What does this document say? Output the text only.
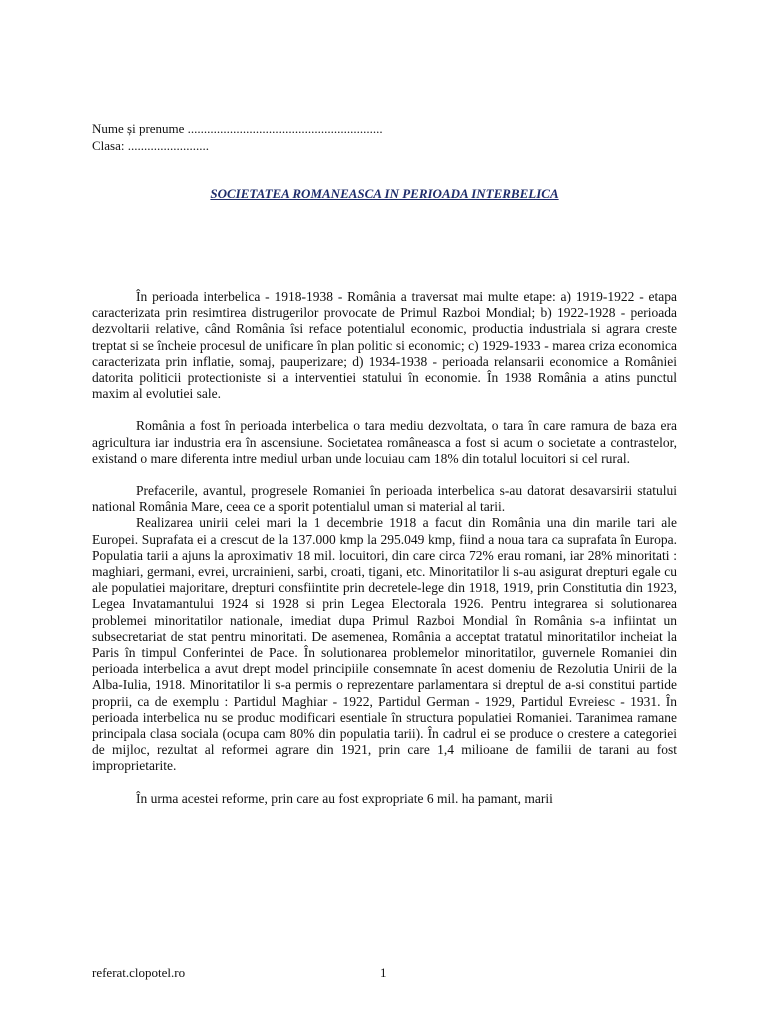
Nume și prenume ............................................................
Clasa: .........................
SOCIETATEA ROMANEASCA IN PERIOADA INTERBELICA

În perioada interbelica - 1918-1938 - România a traversat mai multe etape: a) 1919-1922 - etapa caracterizata prin resimtirea distrugerilor provocate de Primul Razboi Mondial; b) 1922-1928 - perioada dezvoltarii relative, când România îsi reface potentialul economic, productia industriala si agrara creste treptat si se încheie procesul de unificare în plan politic si economic; c) 1929-1933 - marea criza economica caracterizata prin inflatie, somaj, pauperizare; d) 1934-1938 - perioada relansarii economice a României datorita politicii protectioniste si a interventiei statului în economie. În 1938 România a atins punctul maxim al evolutiei sale.

România a fost în perioada interbelica o tara mediu dezvoltata, o tara în care ramura de baza era agricultura iar industria era în ascensiune. Societatea româneasca a fost si acum o societate a contrastelor, existand o mare diferenta intre mediul urban unde locuiau cam 18% din totalul locuitori si cel rural.

Prefacerile, avantul, progresele Romaniei în perioada interbelica s-au datorat desavarsirii statului national România Mare, ceea ce a sporit potentialul uman si material al tarii.

Realizarea unirii celei mari la 1 decembrie 1918 a facut din România una din marile tari ale Europei. Suprafata ei a crescut de la 137.000 kmp la 295.049 kmp, fiind a noua tara ca suprafata în Europa. Populatia tarii a ajuns la aproximativ 18 mil. locuitori, din care circa 72% erau romani, iar 28% minoritati : maghiari, germani, evrei, urcrainieni, sarbi, croati, tigani, etc. Minoritatilor li s-au asigurat drepturi egale cu ale populatiei majoritare, drepturi consfiintite prin decretele-lege din 1918, 1919, prin Constitutia din 1923, Legea Invatamantului 1924 si 1928 si prin Legea Electorala 1926. Pentru integrarea si solutionarea problemei minoritatilor nationale, imediat dupa Primul Razboi Mondial în România s-a infiintat un subsecretariat de stat pentru minoritati. De asemenea, România a acceptat tratatul minoritatilor incheiat la Paris în timpul Conferintei de Pace. În solutionarea problemelor minoritatilor, guvernele Romaniei din perioada interbelica a avut drept model principiile consemnate în acest domeniu de Rezolutia Unirii de la Alba-Iulia, 1918. Minoritatilor li s-a permis o reprezentare parlamentara si dreptul de a-si constitui partide proprii, ca de exemplu : Partidul Maghiar - 1922, Partidul German - 1929, Partidul Evreiesc - 1931. În perioada interbelica nu se produc modificari esentiale în structura populatiei Romaniei. Taranimea ramane principala clasa sociala (ocupa cam 80% din populatia tarii). În cadrul ei se produce o crestere a categoriei de mijloc, rezultat al reformei agrare din 1921, prin care 1,4 milioane de familii de tarani au fost improprietarite.

În urma acestei reforme, prin care au fost expropriate 6 mil. ha pamant, marii

referat.clopotel.ro	1
